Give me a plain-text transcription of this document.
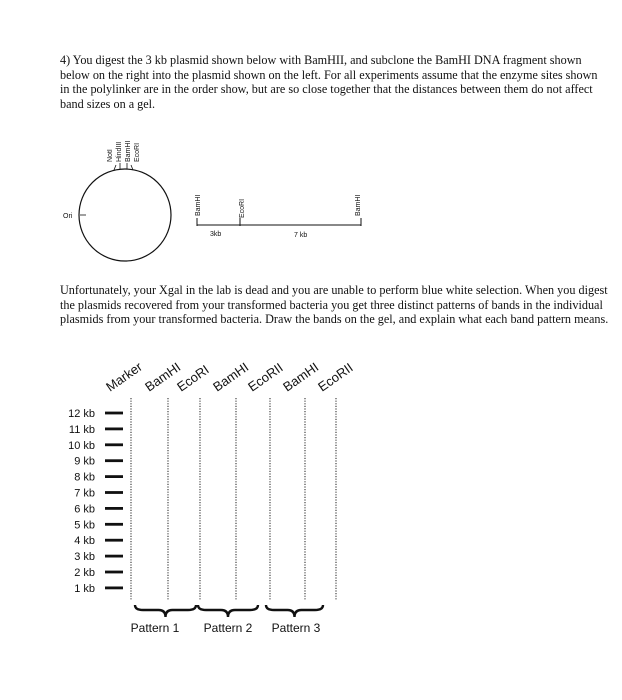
4) You digest the 3 kb plasmid shown below with BamHII, and subclone the BamHI DNA fragment shown below on the right into the plasmid shown on the left. For all experiments assume that the enzyme sites shown in the polylinker are in the order show, but are so close together that the distances between them do not affect band sizes on a gel.

Ori
NotI HindIII BamHI EcoRI
BamHI	EcoRI	BamHI
3kb	7 kb

Unfortunately, your Xgal in the lab is dead and you are unable to perform blue white selection. When you digest the plasmids recovered from your transformed bacteria you get three distinct patterns of bands in the individual plasmids from your transformed bacteria. Draw the bands on the gel, and explain what each band pattern means.

Marker
BamHI
EcoRI
BamHI
EcoRII
BamHI
EcoRII
12 kb
11 kb
10 kb
9 kb
8 kb
7 kb
6 kb
5 kb
4 kb
3 kb
2 kb
1 kb
Pattern 1 Pattern 2 Pattern 3
